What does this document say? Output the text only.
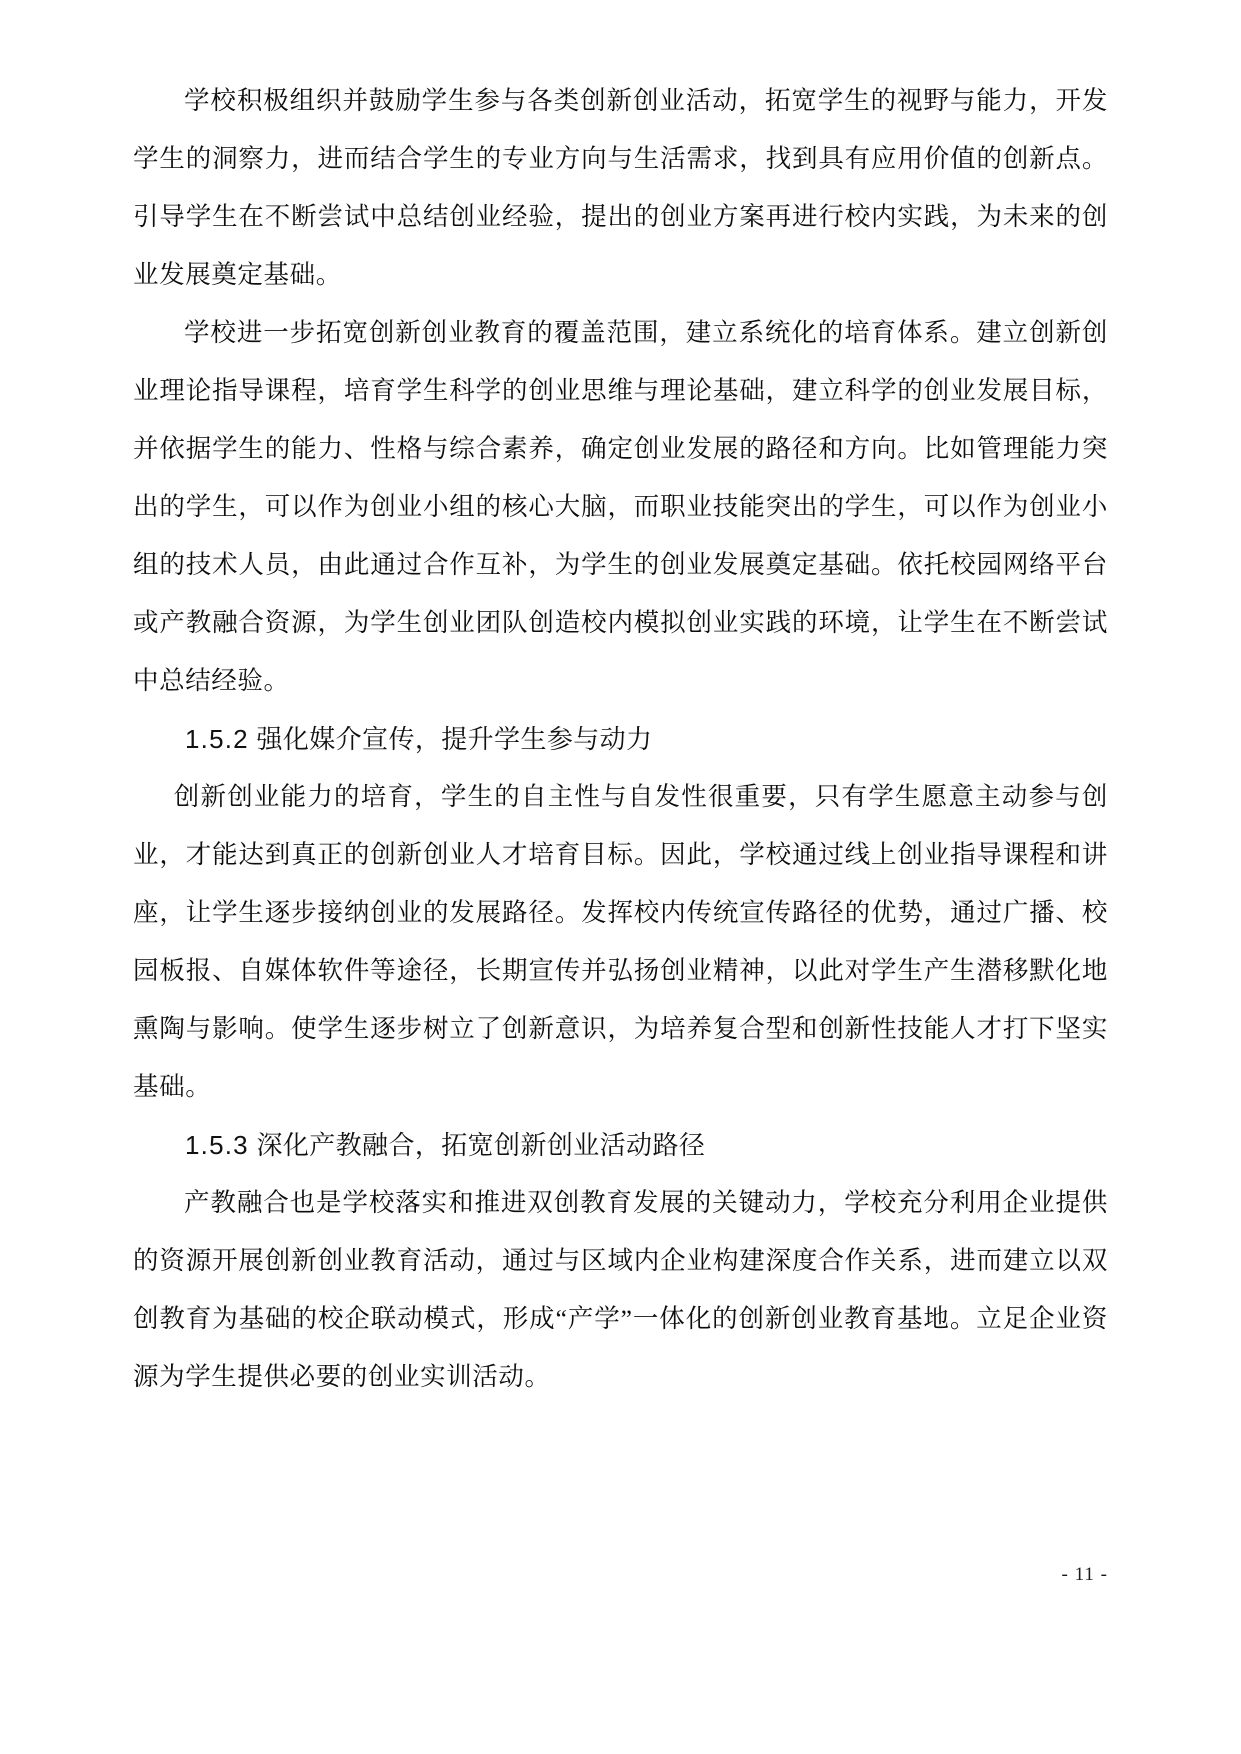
学校积极组织并鼓励学生参与各类创新创业活动，拓宽学生的视野与能力，开发学生的洞察力，进而结合学生的专业方向与生活需求，找到具有应用价值的创新点。引导学生在不断尝试中总结创业经验，提出的创业方案再进行校内实践，为未来的创业发展奠定基础。

学校进一步拓宽创新创业教育的覆盖范围，建立系统化的培育体系。建立创新创业理论指导课程，培育学生科学的创业思维与理论基础，建立科学的创业发展目标，并依据学生的能力、性格与综合素养，确定创业发展的路径和方向。比如管理能力突出的学生，可以作为创业小组的核心大脑，而职业技能突出的学生，可以作为创业小组的技术人员，由此通过合作互补，为学生的创业发展奠定基础。依托校园网络平台或产教融合资源，为学生创业团队创造校内模拟创业实践的环境，让学生在不断尝试中总结经验。

1.5.2 强化媒介宣传，提升学生参与动力

创新创业能力的培育，学生的自主性与自发性很重要，只有学生愿意主动参与创业，才能达到真正的创新创业人才培育目标。因此，学校通过线上创业指导课程和讲座，让学生逐步接纳创业的发展路径。发挥校内传统宣传路径的优势，通过广播、校园板报、自媒体软件等途径，长期宣传并弘扬创业精神，以此对学生产生潜移默化地熏陶与影响。使学生逐步树立了创新意识，为培养复合型和创新性技能人才打下坚实基础。

1.5.3 深化产教融合，拓宽创新创业活动路径

产教融合也是学校落实和推进双创教育发展的关键动力，学校充分利用企业提供的资源开展创新创业教育活动，通过与区域内企业构建深度合作关系，进而建立以双创教育为基础的校企联动模式，形成“产学”一体化的创新创业教育基地。立足企业资源为学生提供必要的创业实训活动。

- 11 -
